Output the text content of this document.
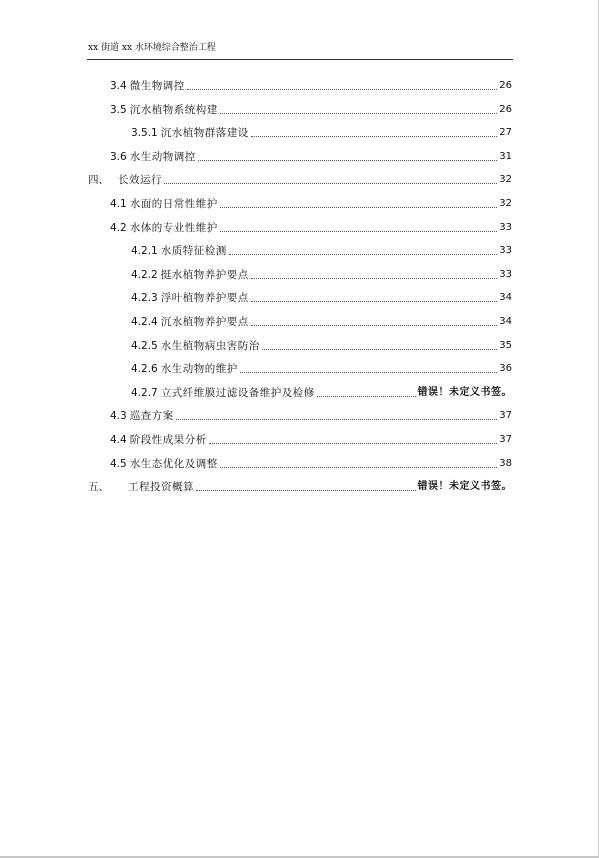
xx 街道 xx 水环境综合整治工程
3.4 微生物调控	26
3.5 沉水植物系统构建	26
3.5.1 沉水植物群落建设	27
3.6 水生动物调控	31
四、 长效运行	32
4.1 水面的日常性维护	32
4.2 水体的专业性维护	33
4.2.1 水质特征检测	33
4.2.2 挺水植物养护要点	33
4.2.3 浮叶植物养护要点	34
4.2.4 沉水植物养护要点	34
4.2.5 水生植物病虫害防治	35
4.2.6 水生动物的维护	36
4.2.7 立式纤维膜过滤设备维护及检修	错误！未定义书签。
4.3 巡查方案	37
4.4 阶段性成果分析	37
4.5 水生态优化及调整	38
五、	工程投资概算	错误！未定义书签。
